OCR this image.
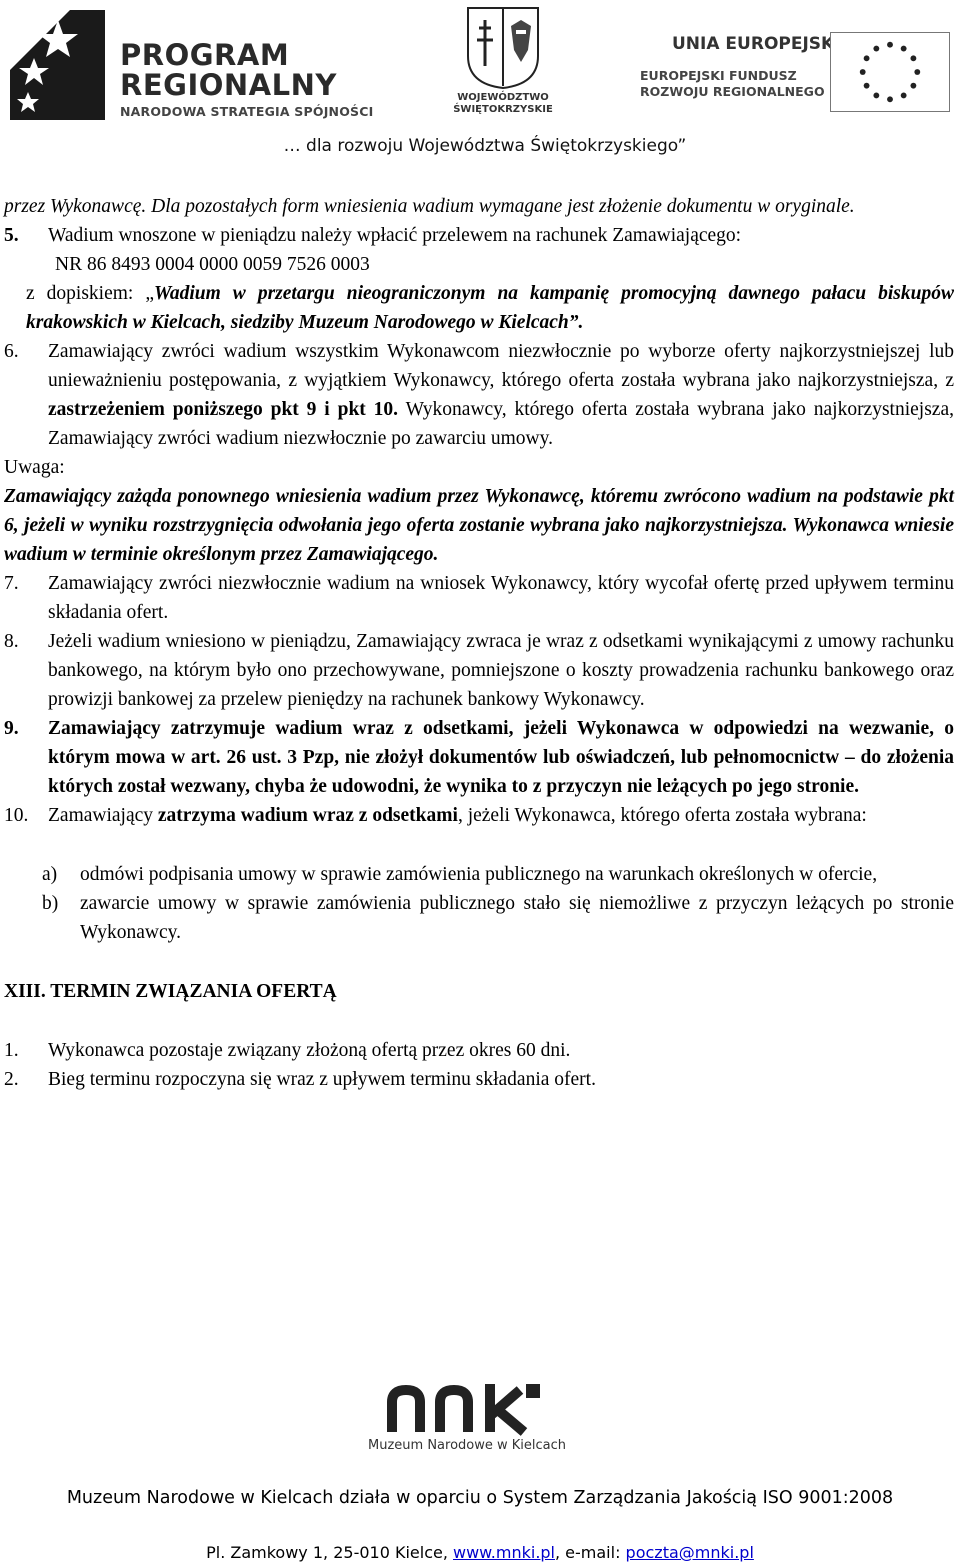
PROGRAM
REGIONALNY
NARODOWA STRATEGIA SPÓJNOŚCI
WOJEWÓDZTWO
ŚWIĘTOKRZYSKIE
UNIA EUROPEJSKA
EUROPEJSKI FUNDUSZ
ROZWOJU REGIONALNEGO
… dla rozwoju Województwa Świętokrzyskiego”
przez Wykonawcę. Dla pozostałych form wniesienia wadium wymagane jest złożenie dokumentu w oryginale.
5. Wadium wnoszone w pieniądzu należy wpłacić przelewem na rachunek Zamawiającego:
NR 86 8493 0004 0000 0059 7526 0003
z dopiskiem: „Wadium w przetargu nieograniczonym na kampanię promocyjną dawnego pałacu biskupów krakowskich w Kielcach, siedziby Muzeum Narodowego w Kielcach”.
6. Zamawiający zwróci wadium wszystkim Wykonawcom niezwłocznie po wyborze oferty najkorzystniejszej lub unieważnieniu postępowania, z wyjątkiem Wykonawcy, którego oferta została wybrana jako najkorzystniejsza, z zastrzeżeniem poniższego pkt 9 i pkt 10. Wykonawcy, którego oferta została wybrana jako najkorzystniejsza, Zamawiający zwróci wadium niezwłocznie po zawarciu umowy.
Uwaga:
Zamawiający zażąda ponownego wniesienia wadium przez Wykonawcę, któremu zwrócono wadium na podstawie pkt 6, jeżeli w wyniku rozstrzygnięcia odwołania jego oferta zostanie wybrana jako najkorzystniejsza. Wykonawca wniesie wadium w terminie określonym przez Zamawiającego.
7. Zamawiający zwróci niezwłocznie wadium na wniosek Wykonawcy, który wycofał ofertę przed upływem terminu składania ofert.
8. Jeżeli wadium wniesiono w pieniądzu, Zamawiający zwraca je wraz z odsetkami wynikającymi z umowy rachunku bankowego, na którym było ono przechowywane, pomniejszone o koszty prowadzenia rachunku bankowego oraz prowizji bankowej za przelew pieniędzy na rachunek bankowy Wykonawcy.
9. Zamawiający zatrzymuje wadium wraz z odsetkami, jeżeli Wykonawca w odpowiedzi na wezwanie, o którym mowa w art. 26 ust. 3 Pzp, nie złożył dokumentów lub oświadczeń, lub pełnomocnictw – do złożenia których został wezwany, chyba że udowodni, że wynika to z przyczyn nie leżących po jego stronie.
10. Zamawiający zatrzyma wadium wraz z odsetkami, jeżeli Wykonawca, którego oferta została wybrana:
a) odmówi podpisania umowy w sprawie zamówienia publicznego na warunkach określonych w ofercie,
b) zawarcie umowy w sprawie zamówienia publicznego stało się niemożliwe z przyczyn leżących po stronie Wykonawcy.
XIII. TERMIN ZWIĄZANIA OFERTĄ
1. Wykonawca pozostaje związany złożoną ofertą przez okres 60 dni.
2. Bieg terminu rozpoczyna się wraz z upływem terminu składania ofert.
Muzeum Narodowe w Kielcach
Muzeum Narodowe w Kielcach działa w oparciu o System Zarządzania Jakością ISO 9001:2008
Pl. Zamkowy 1, 25-010 Kielce, www.mnki.pl, e-mail: poczta@mnki.pl
